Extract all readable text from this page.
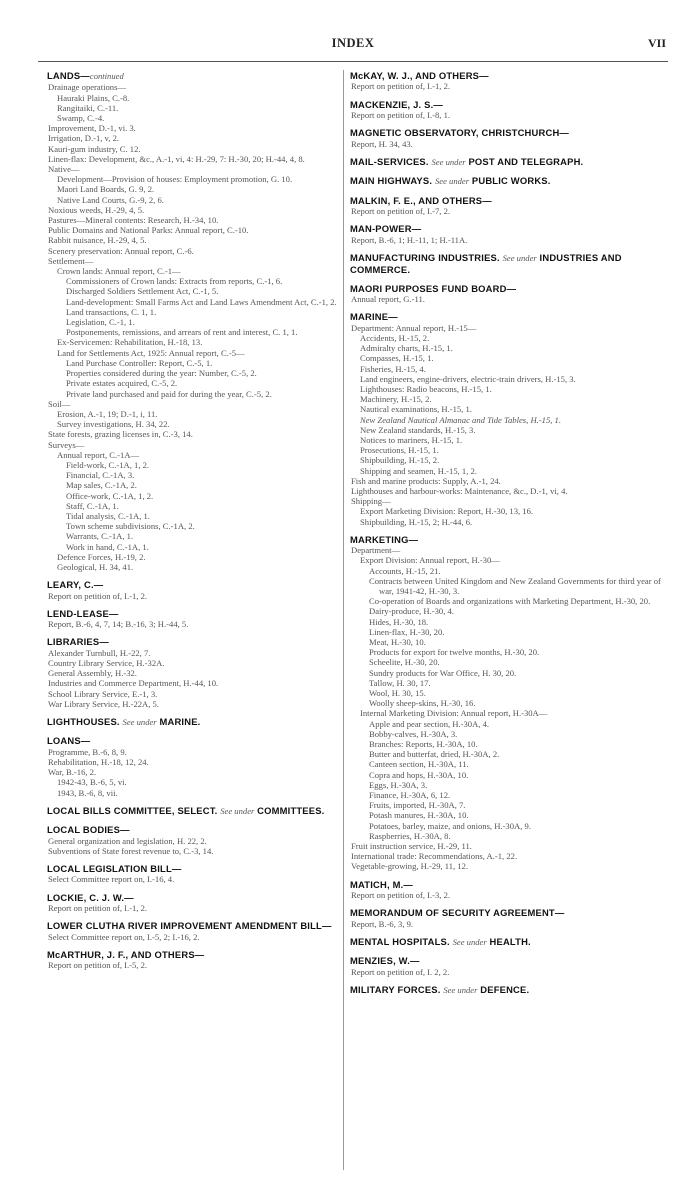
INDEX	VII
LANDS—continued
Drainage operations—
Hauraki Plains, C.-8.
Rangitaiki, C.-11.
Swamp, C.-4.
Improvement, D.-1, vi. 3.
Irrigation, D.-1, v, 2.
Kauri-gum industry, C. 12.
Linen-flax: Development, &c., A.-1, vi, 4: H.-29, 7: H.-30, 20; H.-44, 4, 8.
Native—
Development—Provision of houses: Employment promotion, G. 10.
Maori Land Boards, G. 9, 2.
Native Land Courts, G.-9, 2, 6.
Noxious weeds, H.-29, 4, 5.
Pastures—Mineral contents: Research, H.-34, 10.
Public Domains and National Parks: Annual report, C.-10.
Rabbit nuisance, H.-29, 4, 5.
Scenery preservation: Annual report, C.-6.
Settlement—
Crown lands: Annual report, C.-1—
Commissioners of Crown lands: Extracts from reports, C.-1, 6.
Discharged Soldiers Settlement Act, C.-1, 5.
Land-development: Small Farms Act and Land Laws Amendment Act, C.-1, 2.
Land transactions, C. 1, 1.
Legislation, C.-1, 1.
Postponements, remissions, and arrears of rent and interest, C. 1, 1.
Ex-Servicemen: Rehabilitation, H.-18, 13.
Land for Settlements Act, 1925: Annual report, C.-5—
Land Purchase Controller: Report, C.-5, 1.
Properties considered during the year: Number, C.-5, 2.
Private estates acquired, C.-5, 2.
Private land purchased and paid for during the year, C.-5, 2.
Soil—
Erosion, A.-1, 19; D.-1, i, 11.
Survey investigations, H. 34, 22.
State forests, grazing licenses in, C.-3, 14.
Surveys—
Annual report, C.-1A—
Field-work, C.-1A, 1, 2.
Financial, C.-1A, 3.
Map sales, C.-1A, 2.
Office-work, C.-1A, 1, 2.
Staff, C.-1A, 1.
Tidal analysis, C.-1A, 1.
Town scheme subdivisions, C.-1A, 2.
Warrants, C.-1A, 1.
Work in hand, C.-1A, 1.
Defence Forces, H.-19, 2.
Geological, H. 34, 41.
LEARY, C.—
Report on petition of, I.-1, 2.
LEND-LEASE—
Report, B.-6, 4, 7, 14; B.-16, 3; H.-44, 5.
LIBRARIES—
Alexander Turnbull, H.-22, 7.
Country Library Service, H.-32A.
General Assembly, H.-32.
Industries and Commerce Department, H.-44, 10.
School Library Service, E.-1, 3.
War Library Service, H.-22A, 5.
LIGHTHOUSES. See under MARINE.
LOANS—
Programme, B.-6, 8, 9.
Rehabilitation, H.-18, 12, 24.
War, B.-16, 2.
1942-43, B.-6, 5, vi.
1943, B.-6, 8, vii.
LOCAL BILLS COMMITTEE, SELECT. See under COMMITTEES.
LOCAL BODIES—
General organization and legislation, H. 22, 2.
Subventions of State forest revenue to, C.-3, 14.
LOCAL LEGISLATION BILL—
Select Committee report on, I.-16, 4.
LOCKIE, C. J. W.—
Report on petition of, I.-1, 2.
LOWER CLUTHA RIVER IMPROVEMENT AMENDMENT BILL—
Select Committee report on, I.-5, 2; I.-16, 2.
McARTHUR, J. F., AND OTHERS—
Report on petition of, I.-5, 2.
McKAY, W. J., AND OTHERS—
Report on petition of, I.-1, 2.
MACKENZIE, J. S.—
Report on petition of, I.-8, 1.
MAGNETIC OBSERVATORY, CHRISTCHURCH—
Report, H. 34, 43.
MAIL-SERVICES. See under POST AND TELEGRAPH.
MAIN HIGHWAYS. See under PUBLIC WORKS.
MALKIN, F. E., AND OTHERS—
Report on petition of, I.-7, 2.
MAN-POWER—
Report, B.-6, 1; H.-11, 1; H.-11A.
MANUFACTURING INDUSTRIES. See under INDUSTRIES AND COMMERCE.
MAORI PURPOSES FUND BOARD—
Annual report, G.-11.
MARINE—
Department: Annual report, H.-15—
Accidents, H.-15, 2.
Admiralty charts, H.-15, 1.
Compasses, H.-15, 1.
Fisheries, H.-15, 4.
Land engineers, engine-drivers, electric-train drivers, H.-15, 3.
Lighthouses: Radio beacons, H.-15, 1.
Machinery, H.-15, 2.
Nautical examinations, H.-15, 1.
New Zealand Nautical Almanac and Tide Tables, H.-15, 1.
New Zealand standards, H.-15, 3.
Notices to mariners, H.-15, 1.
Prosecutions, H.-15, 1.
Shipbuilding, H.-15, 2.
Shipping and seamen, H.-15, 1, 2.
Fish and marine products: Supply, A.-1, 24.
Lighthouses and harbour-works: Maintenance, &c., D.-1, vi, 4.
Shipping—
Export Marketing Division: Report, H.-30, 13, 16.
Shipbuilding, H.-15, 2; H.-44, 6.
MARKETING—
Department—
Export Division: Annual report, H.-30—
Accounts, H.-15, 21.
Contracts between United Kingdom and New Zealand Governments for third year of war, 1941-42, H.-30, 3.
Co-operation of Boards and organizations with Marketing Department, H.-30, 20.
Dairy-produce, H.-30, 4.
Hides, H.-30, 18.
Linen-flax, H.-30, 20.
Meat, H.-30, 10.
Products for export for twelve months, H.-30, 20.
Scheelite, H.-30, 20.
Sundry products for War Office, H. 30, 20.
Tallow, H. 30, 17.
Wool, H. 30, 15.
Woolly sheep-skins, H.-30, 16.
Internal Marketing Division: Annual report, H.-30A—
Apple and pear section, H.-30A, 4.
Bobby-calves, H.-30A, 3.
Branches: Reports, H.-30A, 10.
Butter and butterfat, dried, H.-30A, 2.
Canteen section, H.-30A, 11.
Copra and hops, H.-30A, 10.
Eggs, H.-30A, 3.
Finance, H.-30A, 6, 12.
Fruits, imported, H.-30A, 7.
Potash manures, H.-30A, 10.
Potatoes, barley, maize, and onions, H.-30A, 9.
Raspberries, H.-30A, 8.
Fruit instruction service, H.-29, 11.
International trade: Recommendations, A.-1, 22.
Vegetable-growing, H.-29, 11, 12.
MATICH, M.—
Report on petition of, I.-3, 2.
MEMORANDUM OF SECURITY AGREEMENT—
Report, B.-6, 3, 9.
MENTAL HOSPITALS. See under HEALTH.
MENZIES, W.—
Report on petition of, I. 2, 2.
MILITARY FORCES. See under DEFENCE.
